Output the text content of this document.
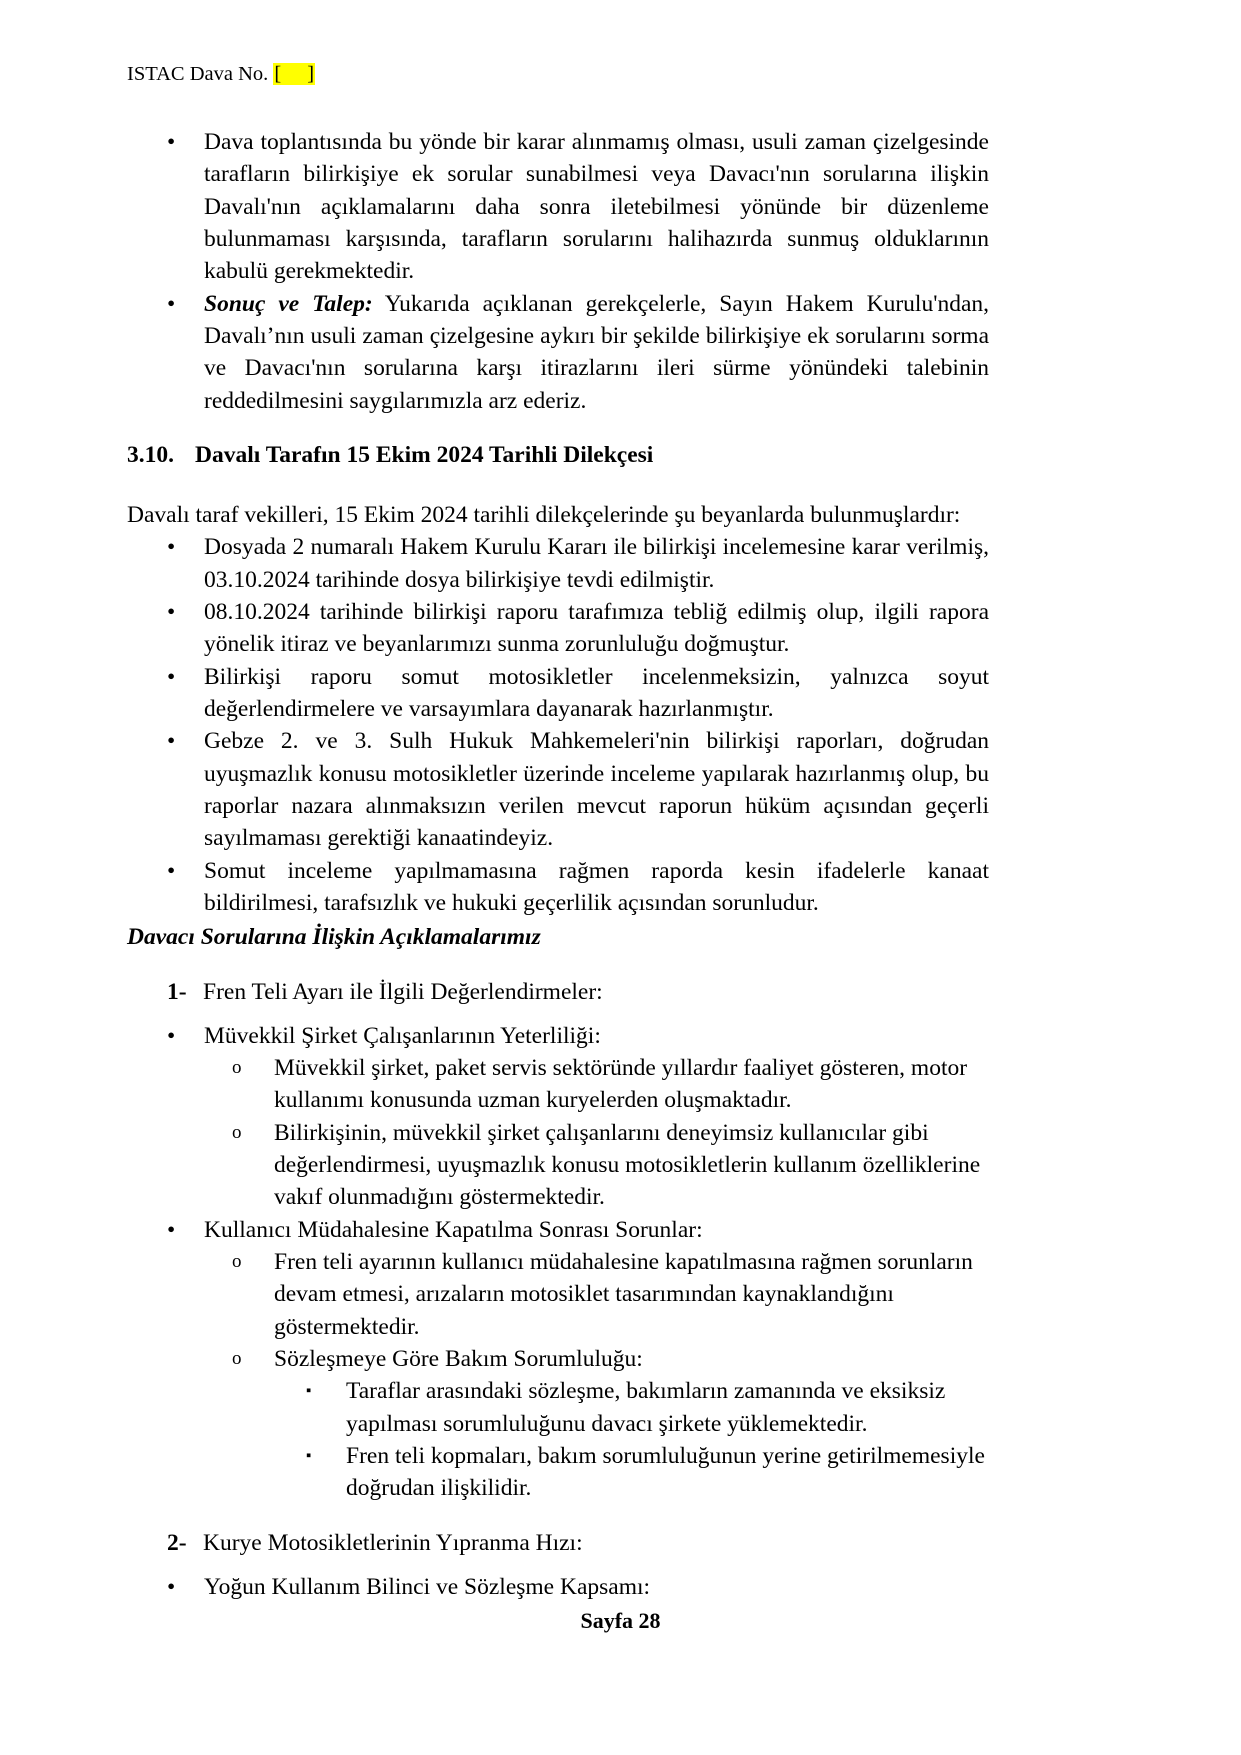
ISTAC Dava No. [ ]
• Dava toplantısında bu yönde bir karar alınmamış olması, usuli zaman çizelgesinde tarafların bilirkişiye ek sorular sunabilmesi veya Davacı'nın sorularına ilişkin Davalı'nın açıklamalarını daha sonra iletebilmesi yönünde bir düzenleme bulunmaması karşısında, tarafların sorularını halihazırda sunmuş olduklarının kabulü gerekmektedir.
• Sonuç ve Talep: Yukarıda açıklanan gerekçelerle, Sayın Hakem Kurulu'ndan, Davalı’nın usuli zaman çizelgesine aykırı bir şekilde bilirkişiye ek sorularını sorma ve Davacı'nın sorularına karşı itirazlarını ileri sürme yönündeki talebinin reddedilmesini saygılarımızla arz ederiz.
3.10. Davalı Tarafın 15 Ekim 2024 Tarihli Dilekçesi

Davalı taraf vekilleri, 15 Ekim 2024 tarihli dilekçelerinde şu beyanlarda bulunmuşlardır:

• Dosyada 2 numaralı Hakem Kurulu Kararı ile bilirkişi incelemesine karar verilmiş, 03.10.2024 tarihinde dosya bilirkişiye tevdi edilmiştir.
• 08.10.2024 tarihinde bilirkişi raporu tarafımıza tebliğ edilmiş olup, ilgili rapora yönelik itiraz ve beyanlarımızı sunma zorunluluğu doğmuştur.
• Bilirkişi raporu somut motosikletler incelenmeksizin, yalnızca soyut değerlendirmelere ve varsayımlara dayanarak hazırlanmıştır.
• Gebze 2. ve 3. Sulh Hukuk Mahkemeleri'nin bilirkişi raporları, doğrudan uyuşmazlık konusu motosikletler üzerinde inceleme yapılarak hazırlanmış olup, bu raporlar nazara alınmaksızın verilen mevcut raporun hüküm açısından geçerli sayılmaması gerektiği kanaatindeyiz.
• Somut inceleme yapılmamasına rağmen raporda kesin ifadelerle kanaat bildirilmesi, tarafsızlık ve hukuki geçerlilik açısından sorunludur.
Davacı Sorularına İlişkin Açıklamalarımız
1- Fren Teli Ayarı ile İlgili Değerlendirmeler:
• Müvekkil Şirket Çalışanlarının Yeterliliği:
o Müvekkil şirket, paket servis sektöründe yıllardır faaliyet gösteren, motor kullanımı konusunda uzman kuryelerden oluşmaktadır.
o Bilirkişinin, müvekkil şirket çalışanlarını deneyimsiz kullanıcılar gibi değerlendirmesi, uyuşmazlık konusu motosikletlerin kullanım özelliklerine vakıf olunmadığını göstermektedir.
• Kullanıcı Müdahalesine Kapatılma Sonrası Sorunlar:
o Fren teli ayarının kullanıcı müdahalesine kapatılmasına rağmen sorunların devam etmesi, arızaların motosiklet tasarımından kaynaklandığını göstermektedir.
o Sözleşmeye Göre Bakım Sorumluluğu:
▪ Taraflar arasındaki sözleşme, bakımların zamanında ve eksiksiz yapılması sorumluluğunu davacı şirkete yüklemektedir.
▪ Fren teli kopmaları, bakım sorumluluğunun yerine getirilmemesiyle doğrudan ilişkilidir.
2- Kurye Motosikletlerinin Yıpranma Hızı:
• Yoğun Kullanım Bilinci ve Sözleşme Kapsamı:
Sayfa 28
